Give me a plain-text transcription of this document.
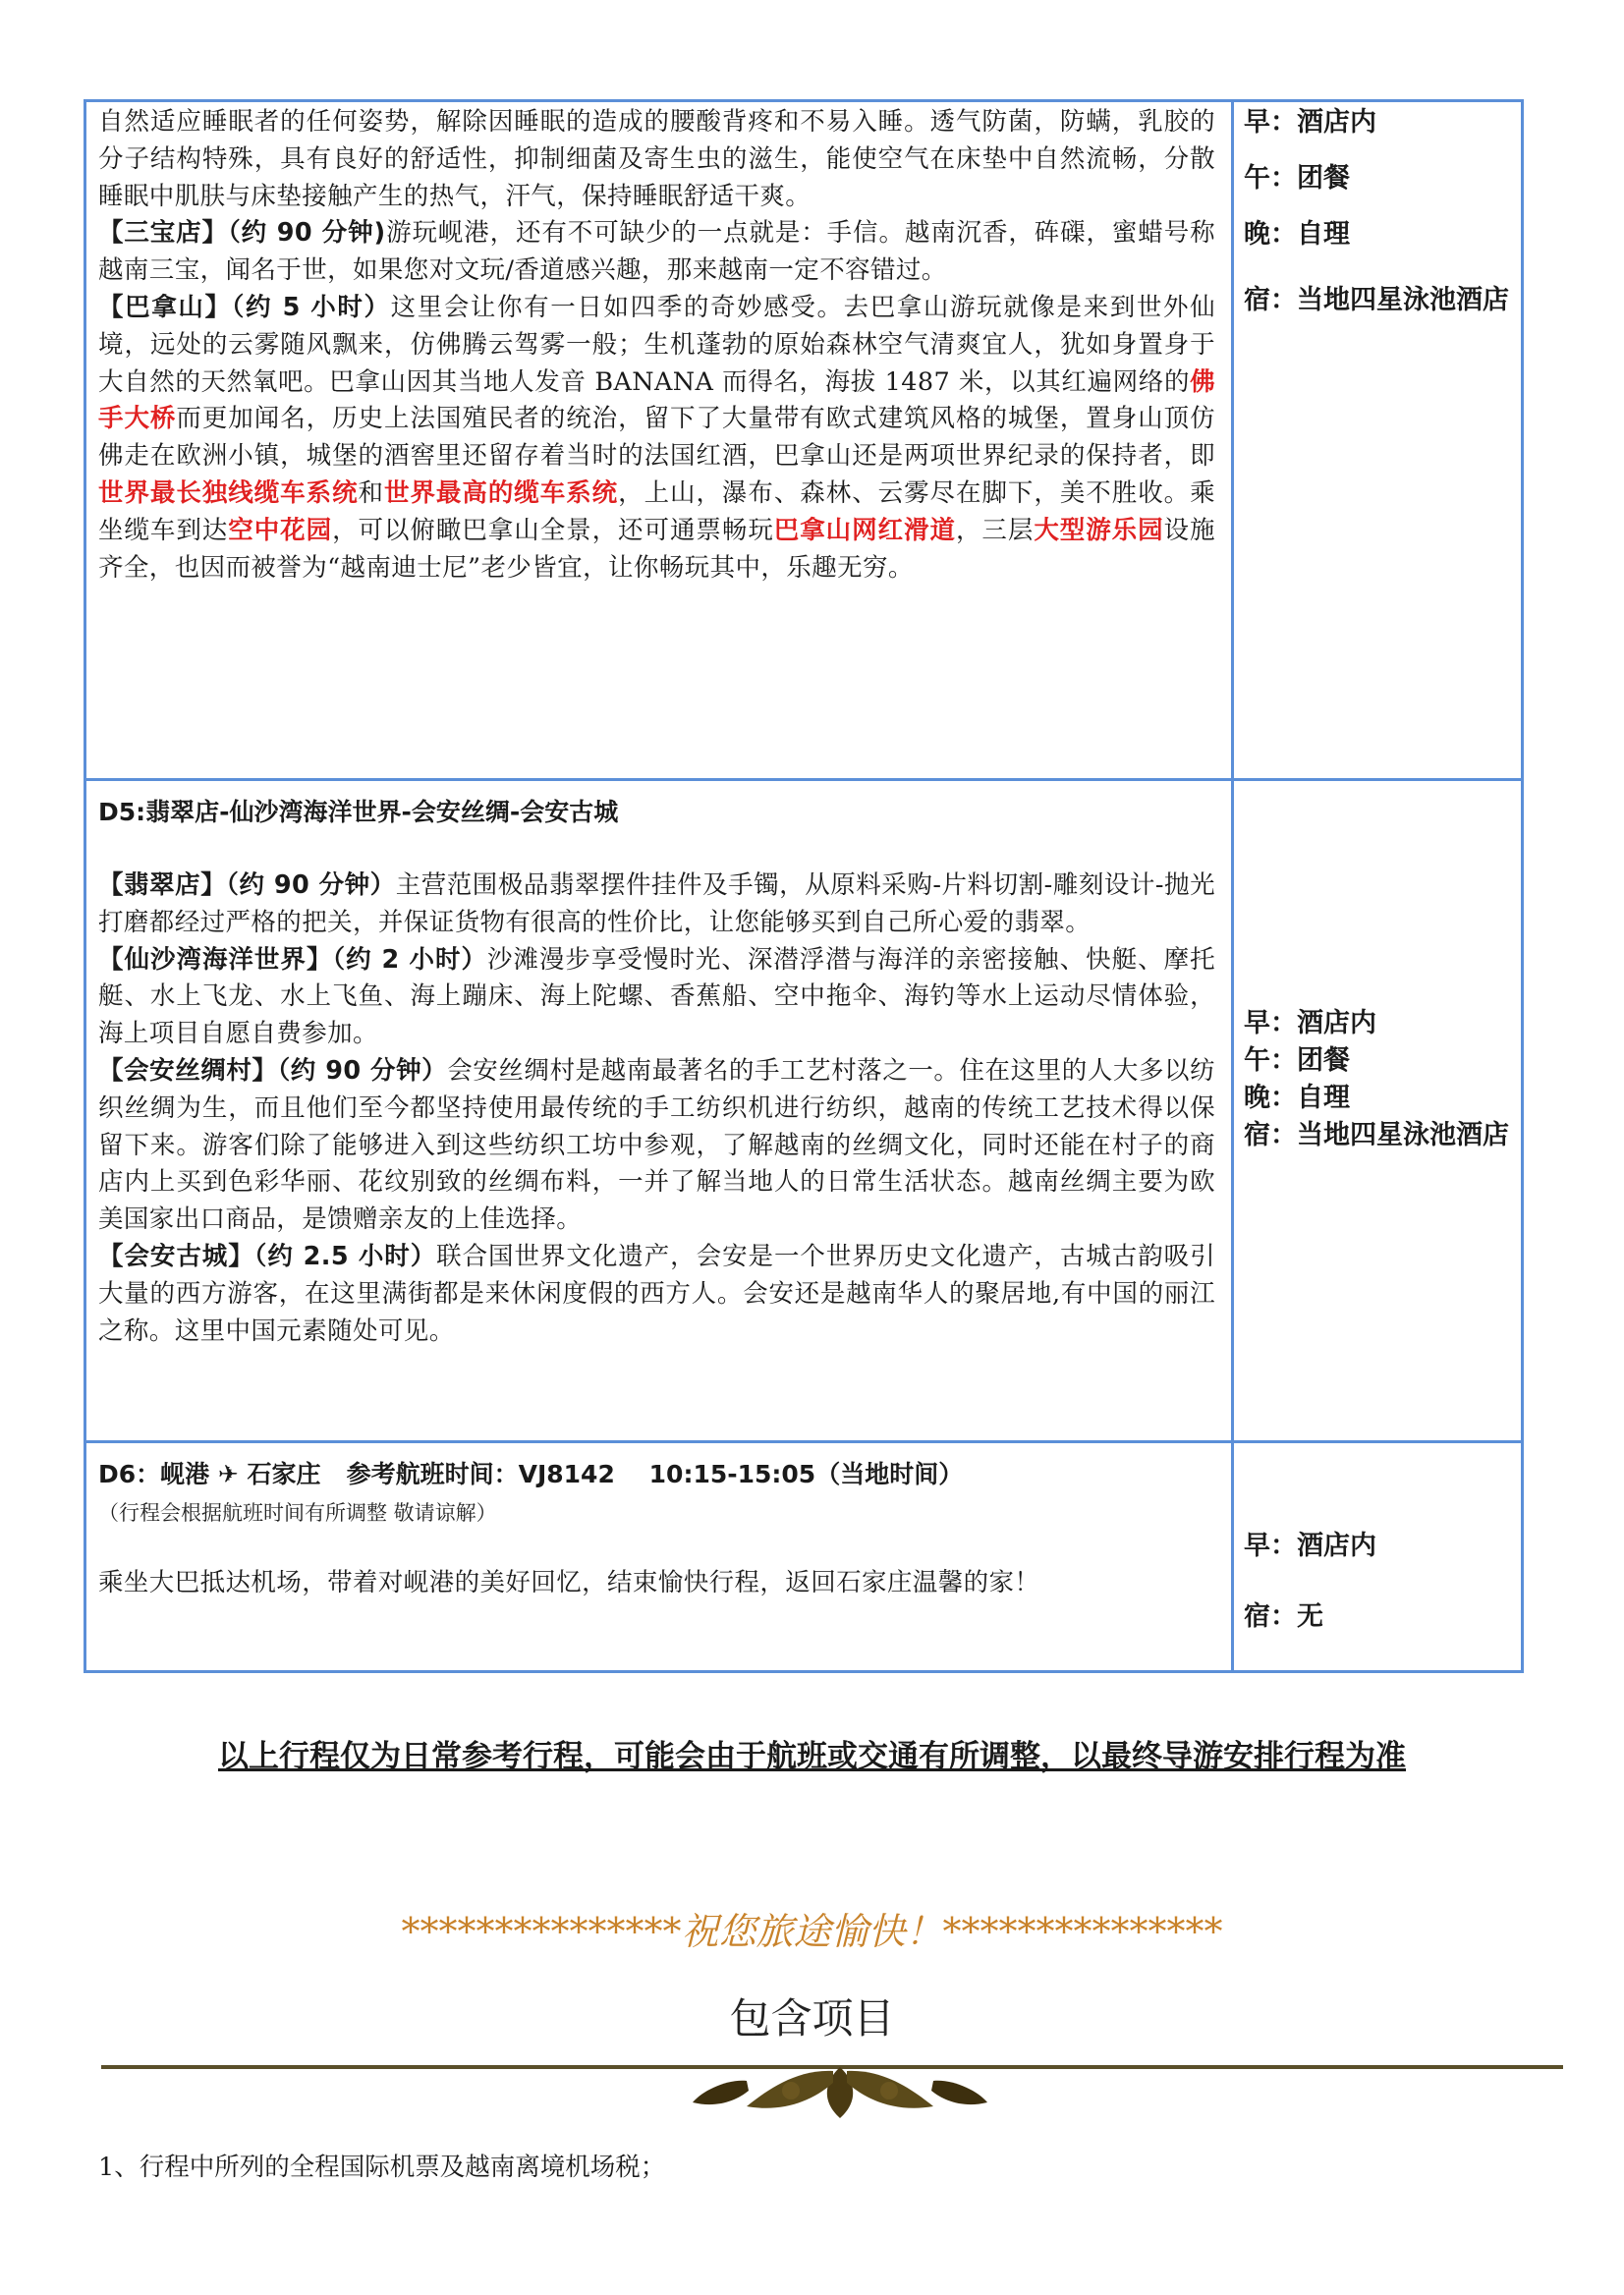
自然适应睡眠者的任何姿势，解除因睡眠的造成的腰酸背疼和不易入睡。透气防菌，防螨，乳胶的分子结构特殊，具有良好的舒适性，抑制细菌及寄生虫的滋生，能使空气在床垫中自然流畅，分散睡眠中肌肤与床垫接触产生的热气，汗气，保持睡眠舒适干爽。

【三宝店】（约 90 分钟)游玩岘港，还有不可缺少的一点就是：手信。越南沉香，砗磲，蜜蜡号称越南三宝，闻名于世，如果您对文玩/香道感兴趣，那来越南一定不容错过。

【巴拿山】（约 5 小时）这里会让你有一日如四季的奇妙感受。去巴拿山游玩就像是来到世外仙境，远处的云雾随风飘来，仿佛腾云驾雾一般；生机蓬勃的原始森林空气清爽宜人，犹如身置身于大自然的天然氧吧。巴拿山因其当地人发音 BANANA 而得名，海拔 1487 米，以其红遍网络的佛手大桥而更加闻名，历史上法国殖民者的统治，留下了大量带有欧式建筑风格的城堡，置身山顶仿佛走在欧洲小镇，城堡的酒窖里还留存着当时的法国红酒，巴拿山还是两项世界纪录的保持者，即世界最长独线缆车系统和世界最高的缆车系统，上山，瀑布、森林、云雾尽在脚下，美不胜收。乘坐缆车到达空中花园，可以俯瞰巴拿山全景，还可通票畅玩巴拿山网红滑道，三层大型游乐园设施齐全，也因而被誉为“越南迪士尼”老少皆宜，让你畅玩其中，乐趣无穷。

早：酒店内

午：团餐

晚：自理

宿：当地四星泳池酒店

D5:翡翠店-仙沙湾海洋世界-会安丝绸-会安古城

【翡翠店】（约 90 分钟）主营范围极品翡翠摆件挂件及手镯，从原料采购-片料切割-雕刻设计-抛光打磨都经过严格的把关，并保证货物有很高的性价比，让您能够买到自己所心爱的翡翠。

【仙沙湾海洋世界】（约 2 小时）沙滩漫步享受慢时光、深潜浮潜与海洋的亲密接触、快艇、摩托艇、水上飞龙、水上飞鱼、海上蹦床、海上陀螺、香蕉船、空中拖伞、海钓等水上运动尽情体验，海上项目自愿自费参加。

【会安丝绸村】（约 90 分钟）会安丝绸村是越南最著名的手工艺村落之一。住在这里的人大多以纺织丝绸为生，而且他们至今都坚持使用最传统的手工纺织机进行纺织，越南的传统工艺技术得以保留下来。游客们除了能够进入到这些纺织工坊中参观，了解越南的丝绸文化，同时还能在村子的商店内上买到色彩华丽、花纹别致的丝绸布料，一并了解当地人的日常生活状态。越南丝绸主要为欧美国家出口商品，是馈赠亲友的上佳选择。

【会安古城】（约 2.5 小时）联合国世界文化遗产，会安是一个世界历史文化遗产，古城古韵吸引大量的西方游客，在这里满街都是来休闲度假的西方人。会安还是越南华人的聚居地,有中国的丽江之称。这里中国元素随处可见。

早：酒店内

午：团餐

晚：自理

宿：当地四星泳池酒店

D6：岘港 ✈ 石家庄   参考航班时间：VJ8142    10:15-15:05（当地时间）

（行程会根据航班时间有所调整 敬请谅解）

乘坐大巴抵达机场，带着对岘港的美好回忆，结束愉快行程，返回石家庄温馨的家！

早：酒店内

宿：无

以上行程仅为日常参考行程，可能会由于航班或交通有所调整，以最终导游安排行程为准
***************祝您旅途愉快！***************
包含项目
1、行程中所列的全程国际机票及越南离境机场税；
